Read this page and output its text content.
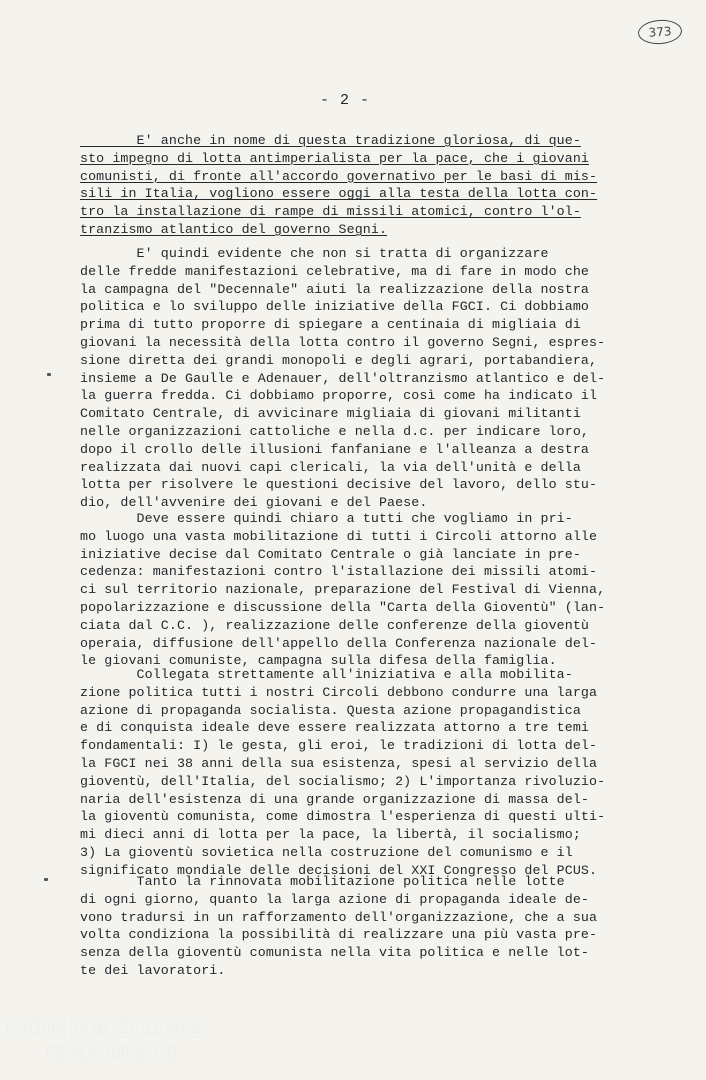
373
- 2 -
E' anche in nome di questa tradizione gloriosa, di que-
sto impegno di lotta antimperialista per la pace, che i giovani
comunisti, di fronte all'accordo governativo per le basi di mis-
sili in Italia, vogliono essere oggi alla testa della lotta con-
tro la installazione di rampe di missili atomici, contro l'ol-
tranzismo atlantico del governo Segni.
E' quindi evidente che non si tratta di organizzare
delle fredde manifestazioni celebrative, ma di fare in modo che
la campagna del "Decennale" aiuti la realizzazione della nostra
politica e lo sviluppo delle iniziative della FGCI. Ci dobbiamo
prima di tutto proporre di spiegare a centinaia di migliaia di
giovani la necessità della lotta contro il governo Segni, espres-
sione diretta dei grandi monopoli e degli agrari, portabandiera,
insieme a De Gaulle e Adenauer, dell'oltranzismo atlantico e del-
la guerra fredda. Ci dobbiamo proporre, così come ha indicato il
Comitato Centrale, di avvicinare migliaia di giovani militanti
nelle organizzazioni cattoliche e nella d.c. per indicare loro,
dopo il crollo delle illusioni fanfaniane e l'alleanza a destra
realizzata dai nuovi capi clericali, la via dell'unità e della
lotta per risolvere le questioni decisive del lavoro, dello stu-
dio, dell'avvenire dei giovani e del Paese.
Deve essere quindi chiaro a tutti che vogliamo in pri-
mo luogo una vasta mobilitazione di tutti i Circoli attorno alle
iniziative decise dal Comitato Centrale o già lanciate in pre-
cedenza: manifestazioni contro l'istallazione dei missili atomi-
ci sul territorio nazionale, preparazione del Festival di Vienna,
popolarizzazione e discussione della "Carta della Gioventù" (lan-
ciata dal C.C. ), realizzazione delle conferenze della gioventù
operaia, diffusione dell'appello della Conferenza nazionale del-
le giovani comuniste, campagna sulla difesa della famiglia.
Collegata strettamente all'iniziativa e alla mobilita-
zione politica tutti i nostri Circoli debbono condurre una larga
azione di propaganda socialista. Questa azione propagandistica
e di conquista ideale deve essere realizzata attorno a tre temi
fondamentali: I) le gesta, gli eroi, le tradizioni di lotta del-
la FGCI nei 38 anni della sua esistenza, spesi al servizio della
gioventù, dell'Italia, del socialismo; 2) L'importanza rivoluzio-
naria dell'esistenza di una grande organizzazione di massa del-
la gioventù comunista, come dimostra l'esperienza di questi ulti-
mi dieci anni di lotta per la pace, la libertà, il socialismo;
3) La gioventù sovietica nella costruzione del comunismo e il
significato mondiale delle decisioni del XXI Congresso del PCUS.
Tanto la rinnovata mobilitazione politica nelle lotte
di ogni giorno, quanto la larga azione di propaganda ideale de-
vono tradursi in un rafforzamento dell'organizzazione, che a sua
volta condiziona la possibilità di realizzare una più vasta pre-
senza della gioventù comunista nella vita politica e nelle lot-
te dei lavoratori.
FONDAZIONE
GRAMSCI
